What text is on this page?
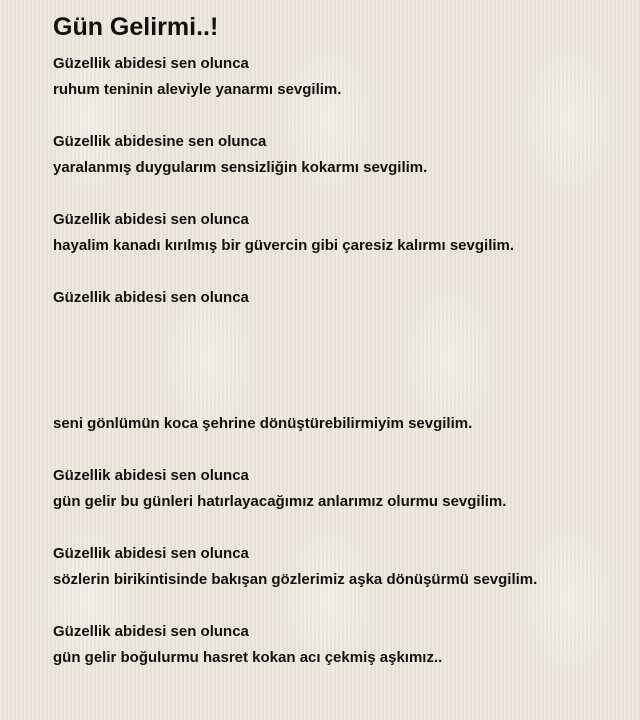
Gün Gelirmi..!

Güzellik abidesi sen olunca

ruhum teninin aleviyle yanarmı sevgilim.

Güzellik abidesine sen olunca

yaralanmış duygularım sensizliğin kokarmı sevgilim.

Güzellik abidesi sen olunca

hayalim kanadı kırılmış bir güvercin gibi çaresiz kalırmı sevgilim.

Güzellik abidesi sen olunca

seni gönlümün koca şehrine dönüştürebilirmiyim sevgilim.

Güzellik abidesi sen olunca

gün gelir bu günleri hatırlayacağımız anlarımız olurmu sevgilim.

Güzellik abidesi sen olunca

sözlerin birikintisinde bakışan gözlerimiz aşka dönüşürmü sevgilim.

Güzellik abidesi sen olunca

gün gelir boğulurmu hasret kokan acı çekmiş aşkımız..
